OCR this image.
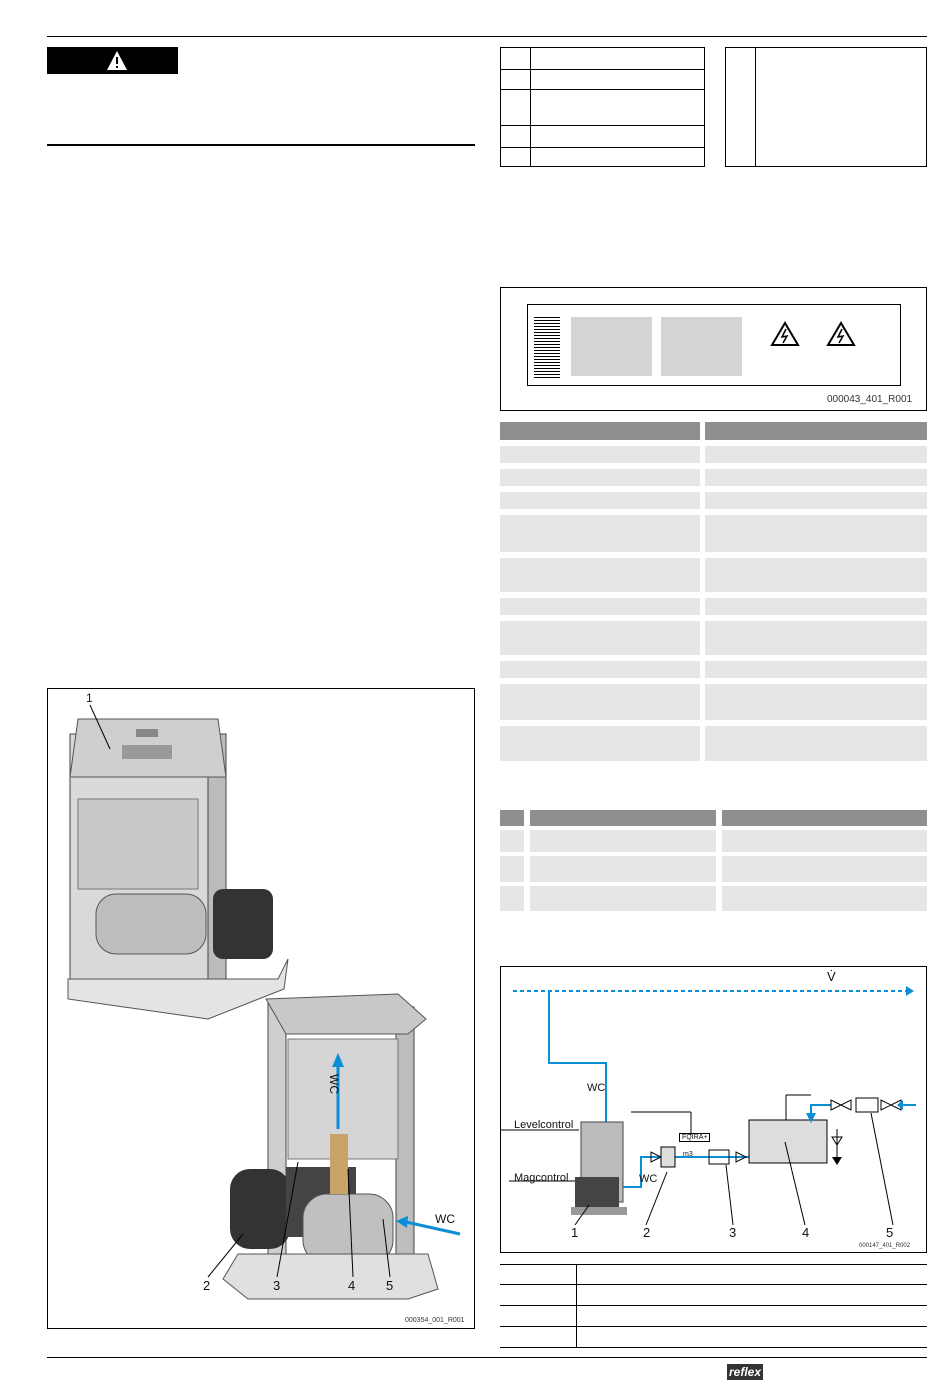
000043_401_R001
1
2	3	4 5
WC
WC
000354_001_R001
V̇
WC
Levelcontrol
FQIRA+
m3
Magcontrol	WC
1	2	3	4	5
000147_401_R002
reflex
